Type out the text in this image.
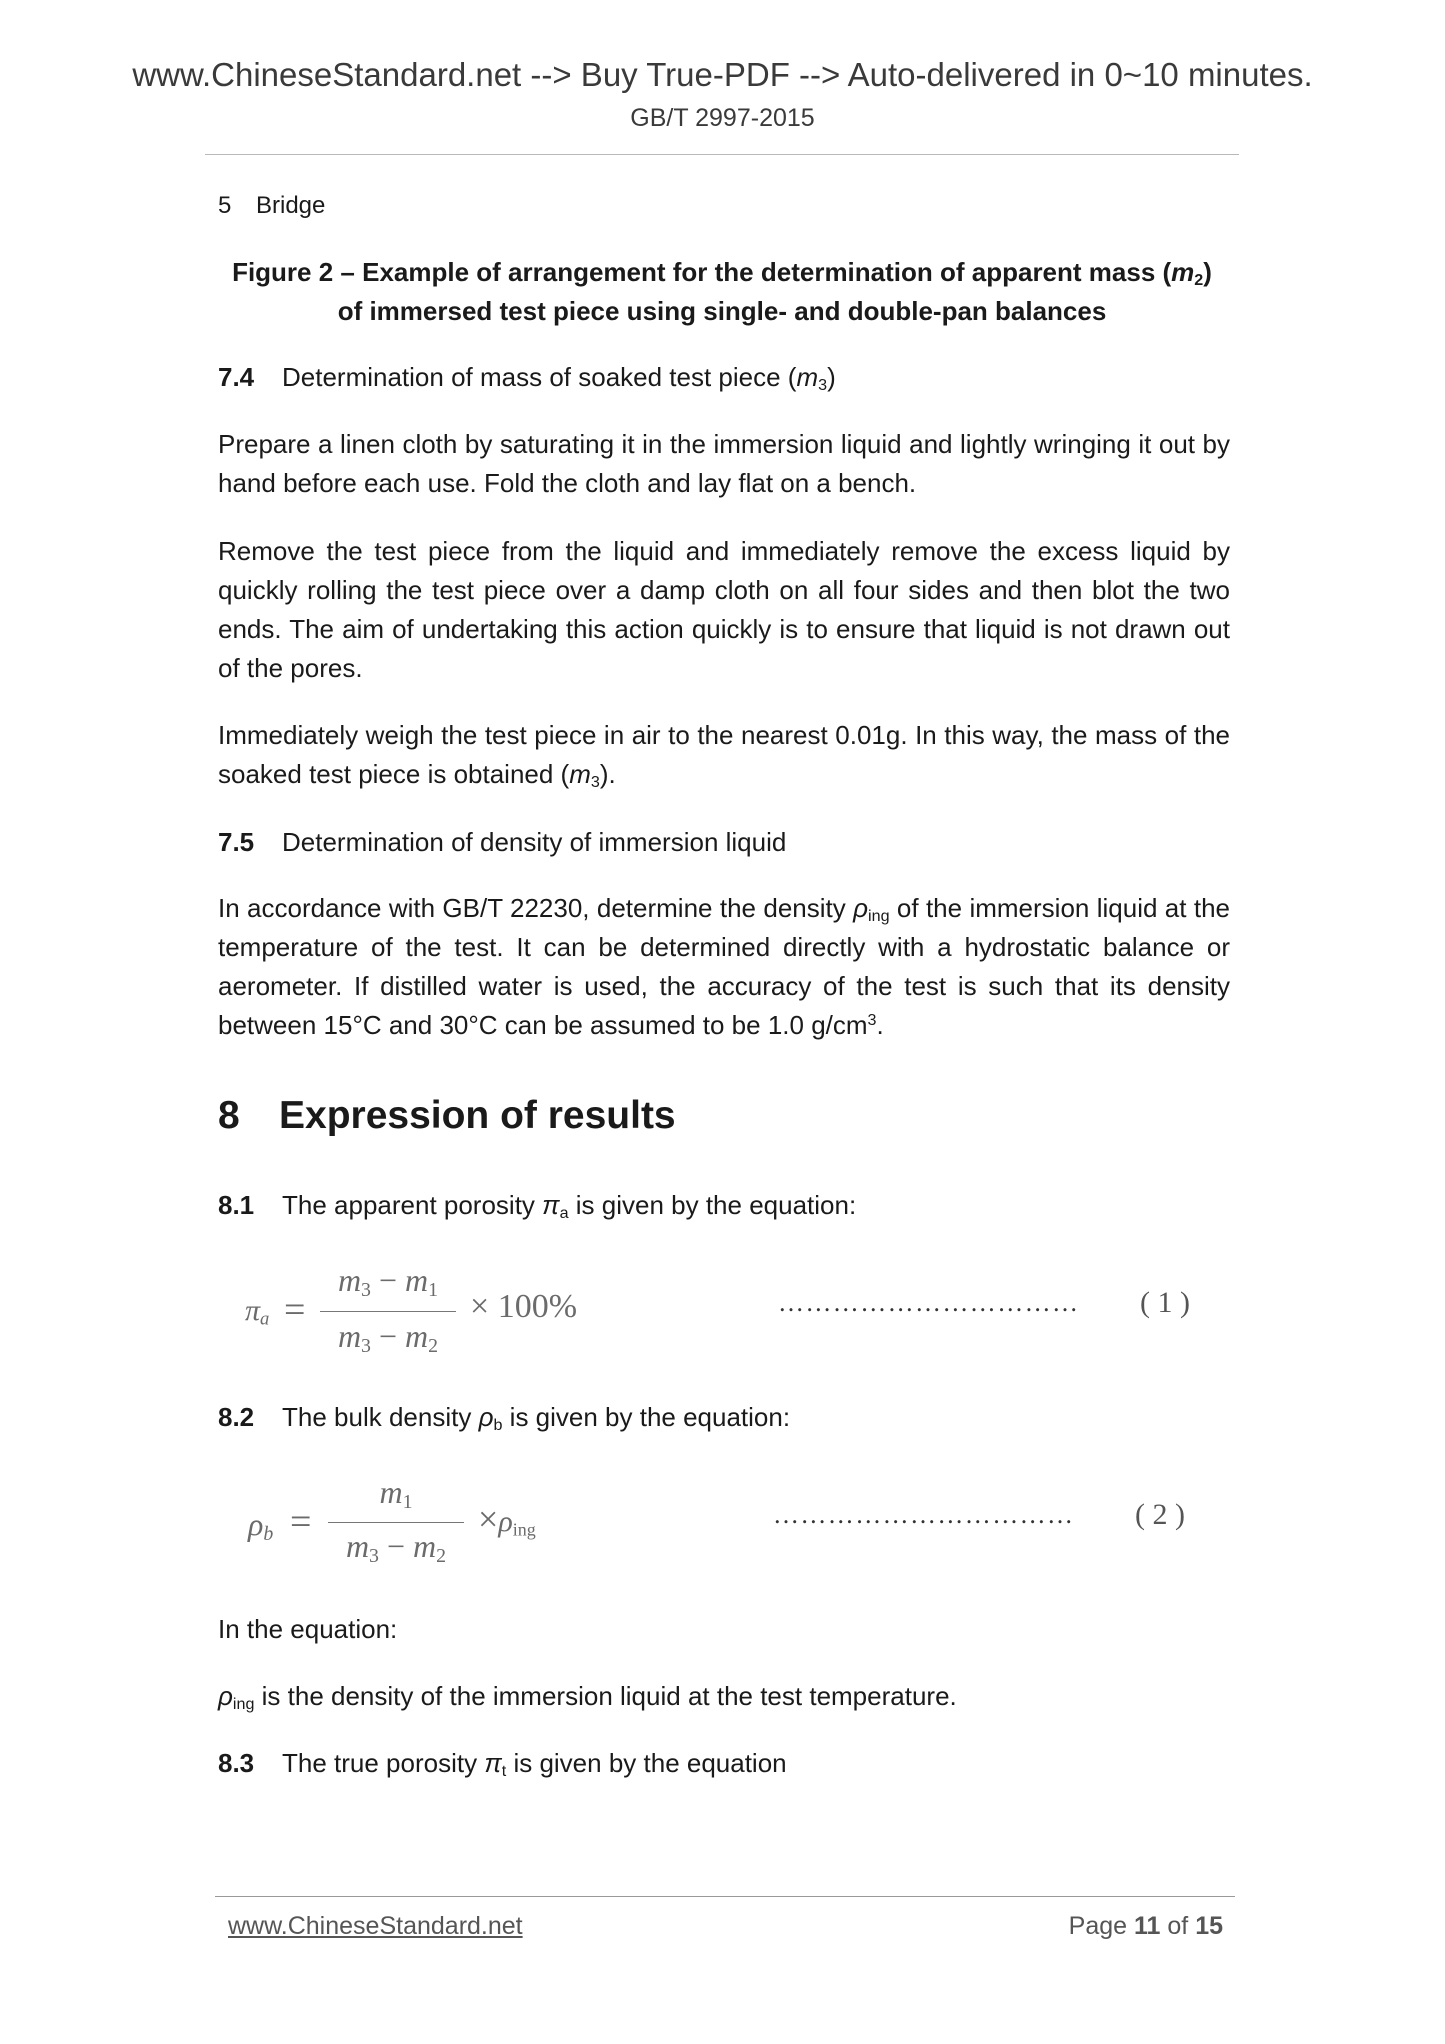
www.ChineseStandard.net --> Buy True-PDF --> Auto-delivered in 0~10 minutes.
GB/T 2997-2015
5 Bridge
Figure 2 – Example of arrangement for the determination of apparent mass $(m_2)$
of immersed test piece using single- and double-pan balances
7.4 Determination of mass of soaked test piece $(m_3)$
Prepare a linen cloth by saturating it in the immersion liquid and lightly wringing it out by hand before each use. Fold the cloth and lay flat on a bench.
Remove the test piece from the liquid and immediately remove the excess liquid by quickly rolling the test piece over a damp cloth on all four sides and then blot the two ends. The aim of undertaking this action quickly is to ensure that liquid is not drawn out of the pores.
Immediately weigh the test piece in air to the nearest 0.01g. In this way, the mass of the soaked test piece is obtained $(m_3)$.
7.5 Determination of density of immersion liquid
In accordance with GB/T 22230, determine the density $\rho_{ing}$ of the immersion liquid at the temperature of the test. It can be determined directly with a hydrostatic balance or aerometer. If distilled water is used, the accuracy of the test is such that its density between 15°C and 30°C can be assumed to be 1.0 $g/cm^3$.
8 Expression of results
8.1 The apparent porosity $\pi_a$ is given by the equation:
$\pi_a$ =
$m_3 - m_1$
$m_3 - m_2$
× 100%	…………………………… ( 1 )
8.2 The bulk density $\rho_b$ is given by the equation:
$\rho_b$ =
$m_1$
$m_3 - m_2$
$\times\rho_{ing}$
…………………………… ( 2 )
In the equation:
$\rho_{ing}$ is the density of the immersion liquid at the test temperature.
8.3 The true porosity $\pi_t$ is given by the equation
www.ChineseStandard.net	Page 11 of 15
